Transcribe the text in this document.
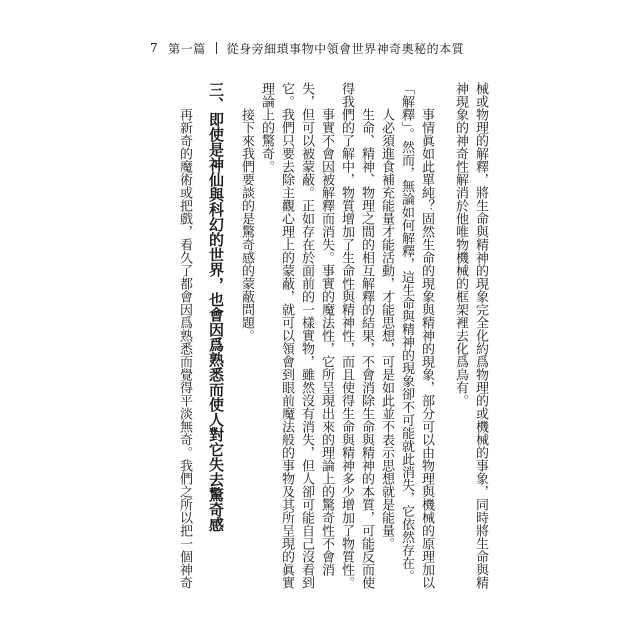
7 第一篇 從身旁細瑣事物中領會世界神奇奧秘的本質
械或物理的解釋，將生命與精神的現象完全化約爲物理的或機械的事象，同時將生命與精
神現象的神奇性解消於他唯物機械的框架裡去化爲烏有。
事情眞如此單純？固然生命的現象與精神的現象，部分可以由物理與機械的原理加以
「解釋」。然而，無論如何解釋，這生命與精神的現象卻不可能就此消失，它依然存在。
人必須進食補充能量才能活動，才能思想，可是如此並不表示思想就是能量。
生命、精神、物理之間的相互解釋的結果，不會消除生命與精神的本質，可能反而使
得我們的了解中，物質增加了生命性與精神性，而且使得生命與精神多少增加了物質性。
事實不會因被解釋而消失。事實的魔法性，它所呈現出來的理論上的驚奇性不會消
失，但可以被蒙蔽。正如存在於面前的一樣實物，雖然沒有消失，但人卻可能自己沒看到
它。我們只要去除主觀心理上的蒙蔽，就可以領會到眼前魔法般的事物及其所呈現的眞實
理論上的驚奇。
接下來我們要談的是驚奇感的蒙蔽問題。
三、即使是神仙與科幻的世界，也會因爲熟悉而使人對它失去驚奇感
再新奇的魔術或把戲，看久了都會因爲熟悉而覺得平淡無奇。我們之所以把一個神奇
